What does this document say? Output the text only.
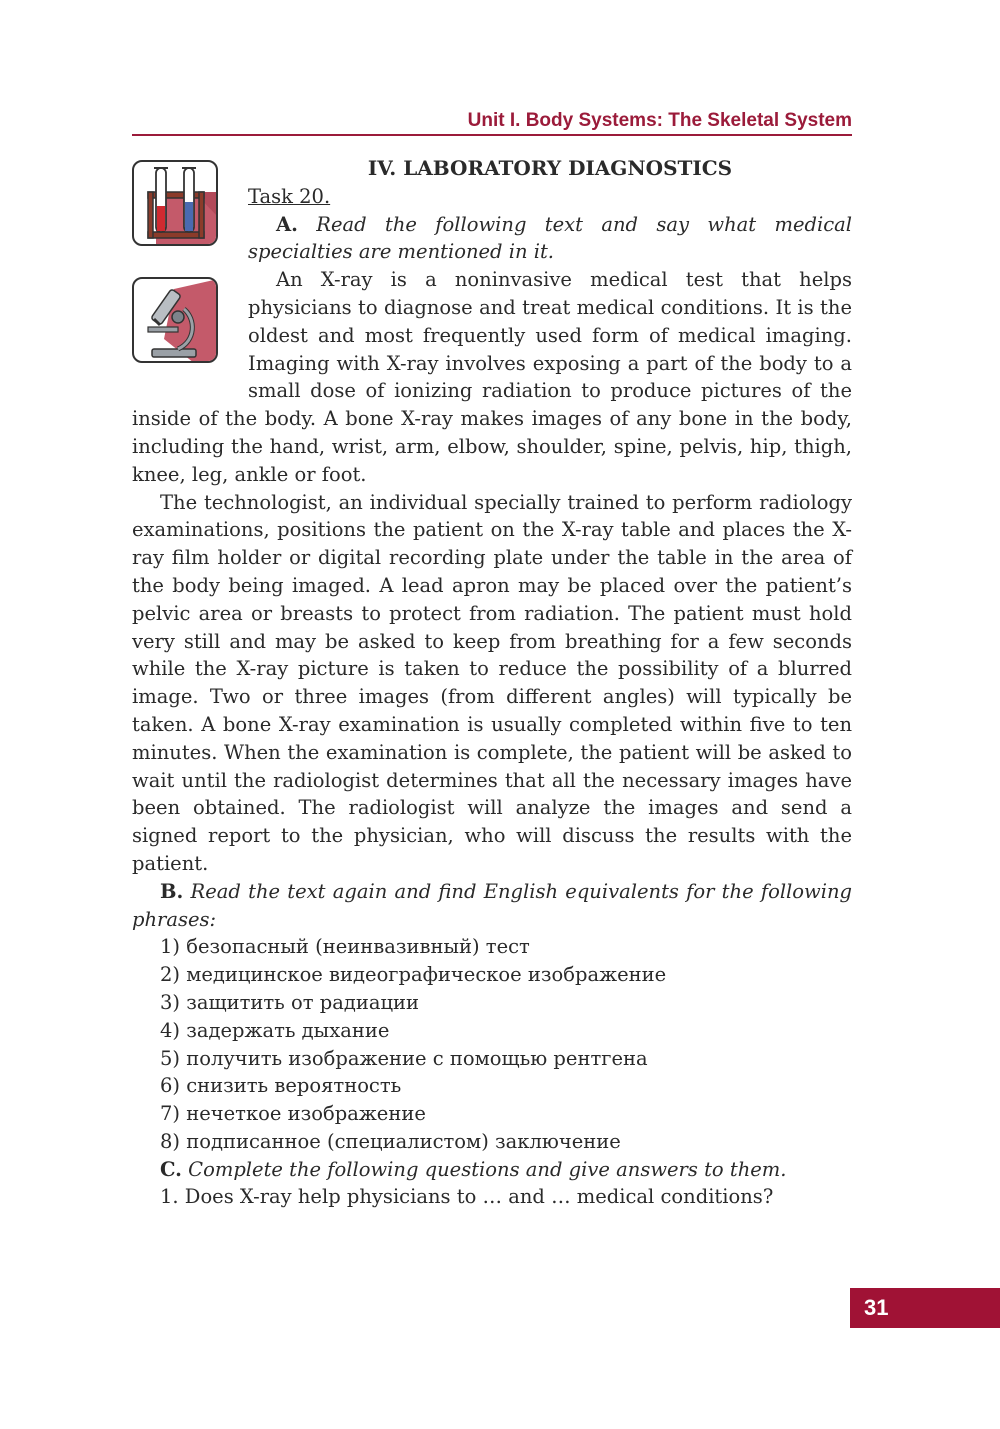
Unit I. Body Systems: The Skeletal System

IV. LABORATORY DIAGNOSTICS

Task 20.

A. Read the following text and say what medical specialties are mentioned in it.

An X-ray is a noninvasive medical test that helps physicians to diagnose and treat medical conditions. It is the oldest and most frequently used form of medical imaging. Imaging with X-ray involves exposing a part of the body to a small dose of ionizing radiation to produce pictures of the inside of the body. A bone X-ray makes images of any bone in the body, including the hand, wrist, arm, elbow, shoulder, spine, pelvis, hip, thigh, knee, leg, ankle or foot.

The technologist, an individual specially trained to perform radiology examinations, positions the patient on the X-ray table and places the X-ray film holder or digital recording plate under the table in the area of the body being imaged. A lead apron may be placed over the patient’s pelvic area or breasts to protect from radiation. The patient must hold very still and may be asked to keep from breathing for a few seconds while the X-ray picture is taken to reduce the possibility of a blurred image. Two or three images (from different angles) will typically be taken. A bone X-ray examination is usually completed within five to ten minutes. When the examination is complete, the patient will be asked to wait until the radiologist determines that all the necessary images have been obtained. The radiologist will analyze the images and send a signed report to the physician, who will discuss the results with the patient.

B. Read the text again and find English equivalents for the following phrases:

1) безопасный (неинвазивный) тест

2) медицинское видеографическое изображение

3) защитить от радиации

4) задержать дыхание

5) получить изображение с помощью рентгена

6) снизить вероятность

7) нечеткое изображение

8) подписанное (специалистом) заключение

C. Complete the following questions and give answers to them.

1. Does X-ray help physicians to … and … medical conditions?

31
